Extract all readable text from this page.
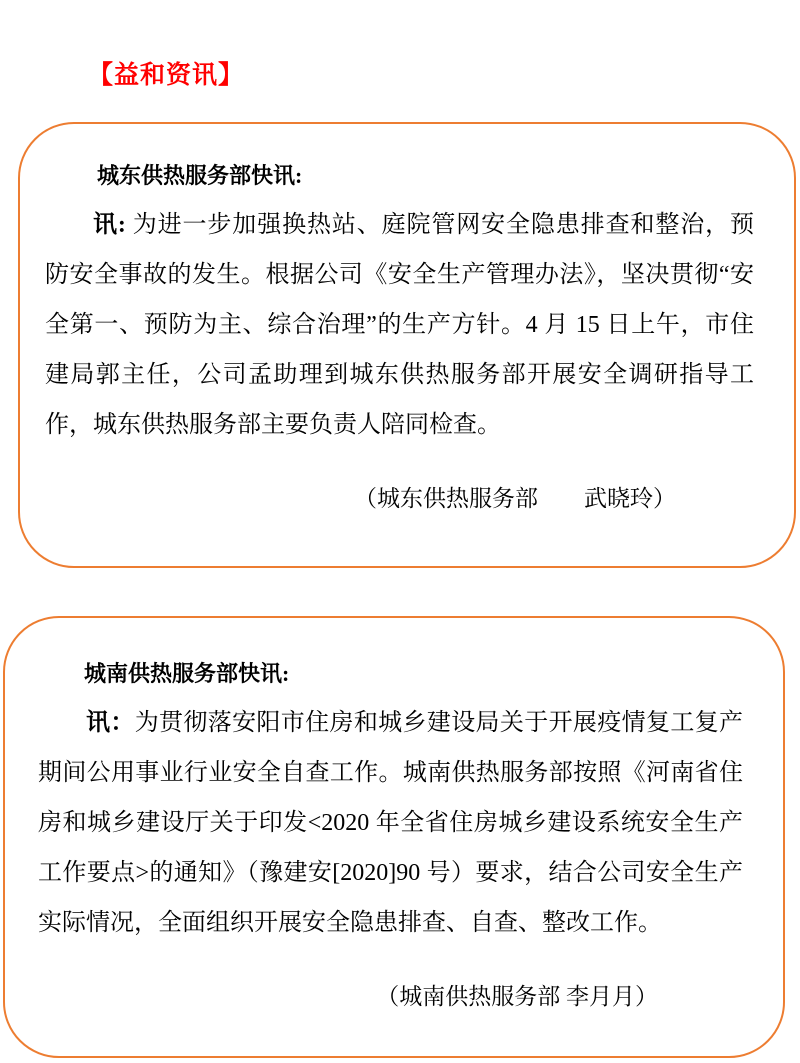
【益和资讯】
城东供热服务部快讯:

讯: 为进一步加强换热站、庭院管网安全隐患排查和整治，预防安全事故的发生。根据公司《安全生产管理办法》，坚决贯彻“安全第一、预防为主、综合治理”的生产方针。4 月 15 日上午，市住建局郭主任，公司孟助理到城东供热服务部开展安全调研指导工作，城东供热服务部主要负责人陪同检查。

（城东供热服务部　　武晓玲）
城南供热服务部快讯:

讯：为贯彻落安阳市住房和城乡建设局关于开展疫情复工复产期间公用事业行业安全自查工作。城南供热服务部按照《河南省住房和城乡建设厅关于印发<2020 年全省住房城乡建设系统安全生产工作要点>的通知》（豫建安[2020]90 号）要求，结合公司安全生产实际情况，全面组织开展安全隐患排查、自查、整改工作。

（城南供热服务部 李月月）
